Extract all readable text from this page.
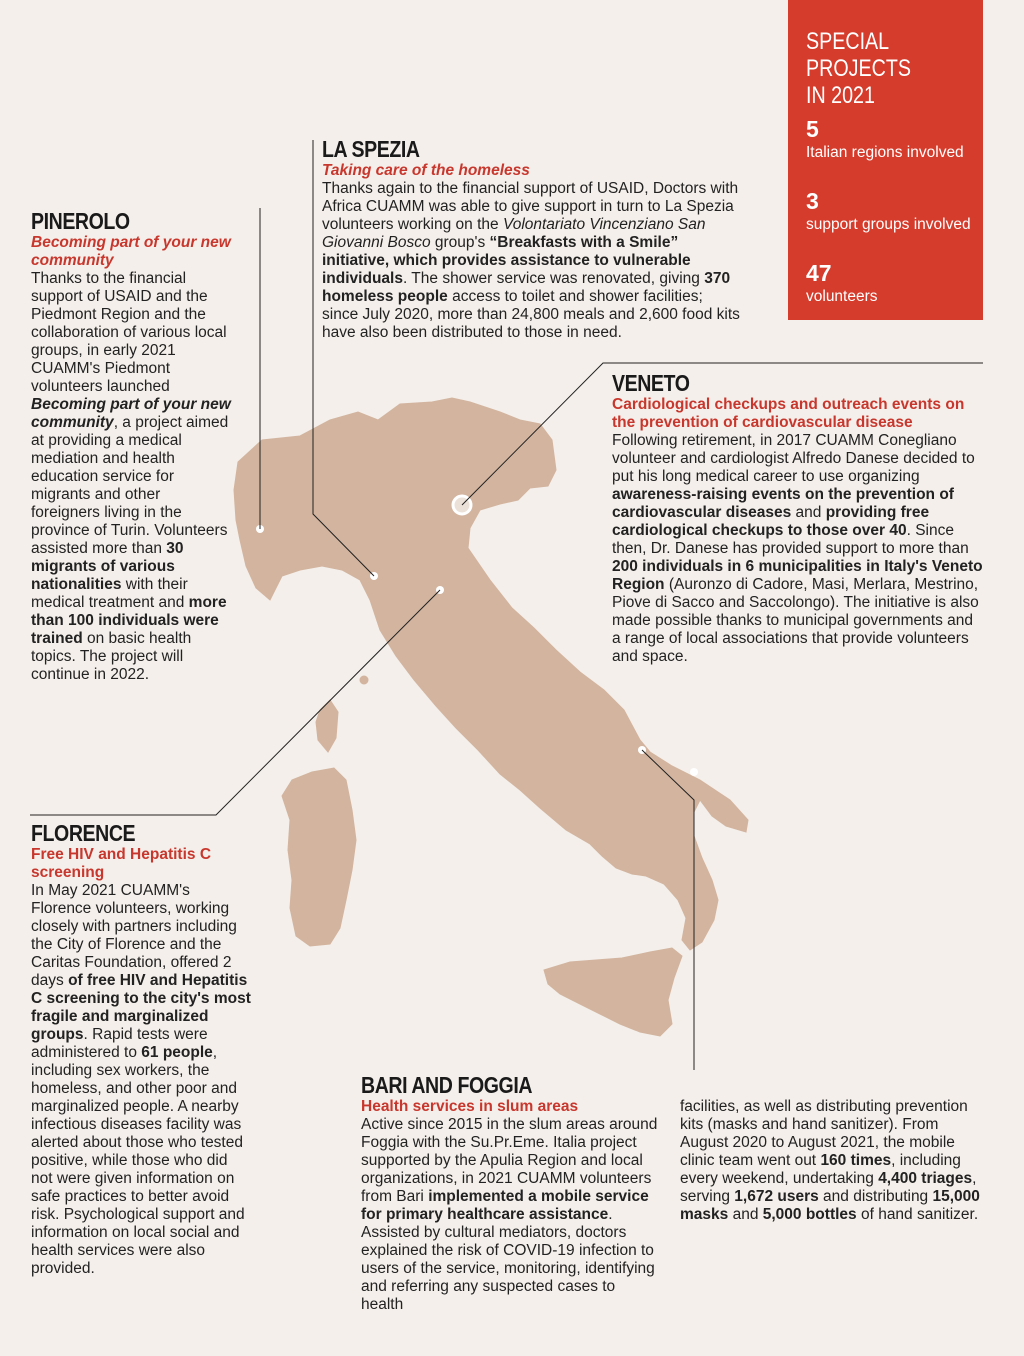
SPECIAL
PROJECTS
IN 2021
5
Italian regions involved
3
support groups involved
47
volunteers
LA SPEZIA
Taking care of the homeless
Thanks again to the financial support of USAID, Doctors with Africa CUAMM was able to give support in turn to La Spezia volunteers working on the Volontariato Vincenziano San Giovanni Bosco group's “Breakfasts with a Smile” initiative, which provides assistance to vulnerable individuals. The shower service was renovated, giving 370 homeless people access to toilet and shower facilities; since July 2020, more than 24,800 meals and 2,600 food kits have also been distributed to those in need.
PINEROLO
Becoming part of your new community
Thanks to the financial support of USAID and the Piedmont Region and the collaboration of various local groups, in early 2021 CUAMM's Piedmont volunteers launched Becoming part of your new community, a project aimed at providing a medical mediation and health education service for migrants and other foreigners living in the province of Turin. Volunteers assisted more than 30 migrants of various nationalities with their medical treatment and more than 100 individuals were trained on basic health topics. The project will continue in 2022.
VENETO
Cardiological checkups and outreach events on the prevention of cardiovascular disease
Following retirement, in 2017 CUAMM Conegliano volunteer and cardiologist Alfredo Danese decided to put his long medical career to use organizing awareness-raising events on the prevention of cardiovascular diseases and providing free cardiological checkups to those over 40. Since then, Dr. Danese has provided support to more than 200 individuals in 6 municipalities in Italy's Veneto Region (Auronzo di Cadore, Masi, Merlara, Mestrino, Piove di Sacco and Saccolongo). The initiative is also made possible thanks to municipal governments and a range of local associations that provide volunteers and space.
FLORENCE
Free HIV and Hepatitis C screening
In May 2021 CUAMM's Florence volunteers, working closely with partners including the City of Florence and the Caritas Foundation, offered 2 days of free HIV and Hepatitis C screening to the city's most fragile and marginalized groups. Rapid tests were administered to 61 people, including sex workers, the homeless, and other poor and marginalized people. A nearby infectious diseases facility was alerted about those who tested positive, while those who did not were given information on safe practices to better avoid risk. Psychological support and information on local social and health services were also provided.
BARI AND FOGGIA
Health services in slum areas
Active since 2015 in the slum areas around Foggia with the Su.Pr.Eme. Italia project supported by the Apulia Region and local organizations, in 2021 CUAMM volunteers from Bari implemented a mobile service for primary healthcare assistance. Assisted by cultural mediators, doctors explained the risk of COVID-19 infection to users of the service, monitoring, identifying and referring any suspected cases to health
facilities, as well as distributing prevention kits (masks and hand sanitizer). From August 2020 to August 2021, the mobile clinic team went out 160 times, including every weekend, undertaking 4,400 triages, serving 1,672 users and distributing 15,000 masks and 5,000 bottles of hand sanitizer.
